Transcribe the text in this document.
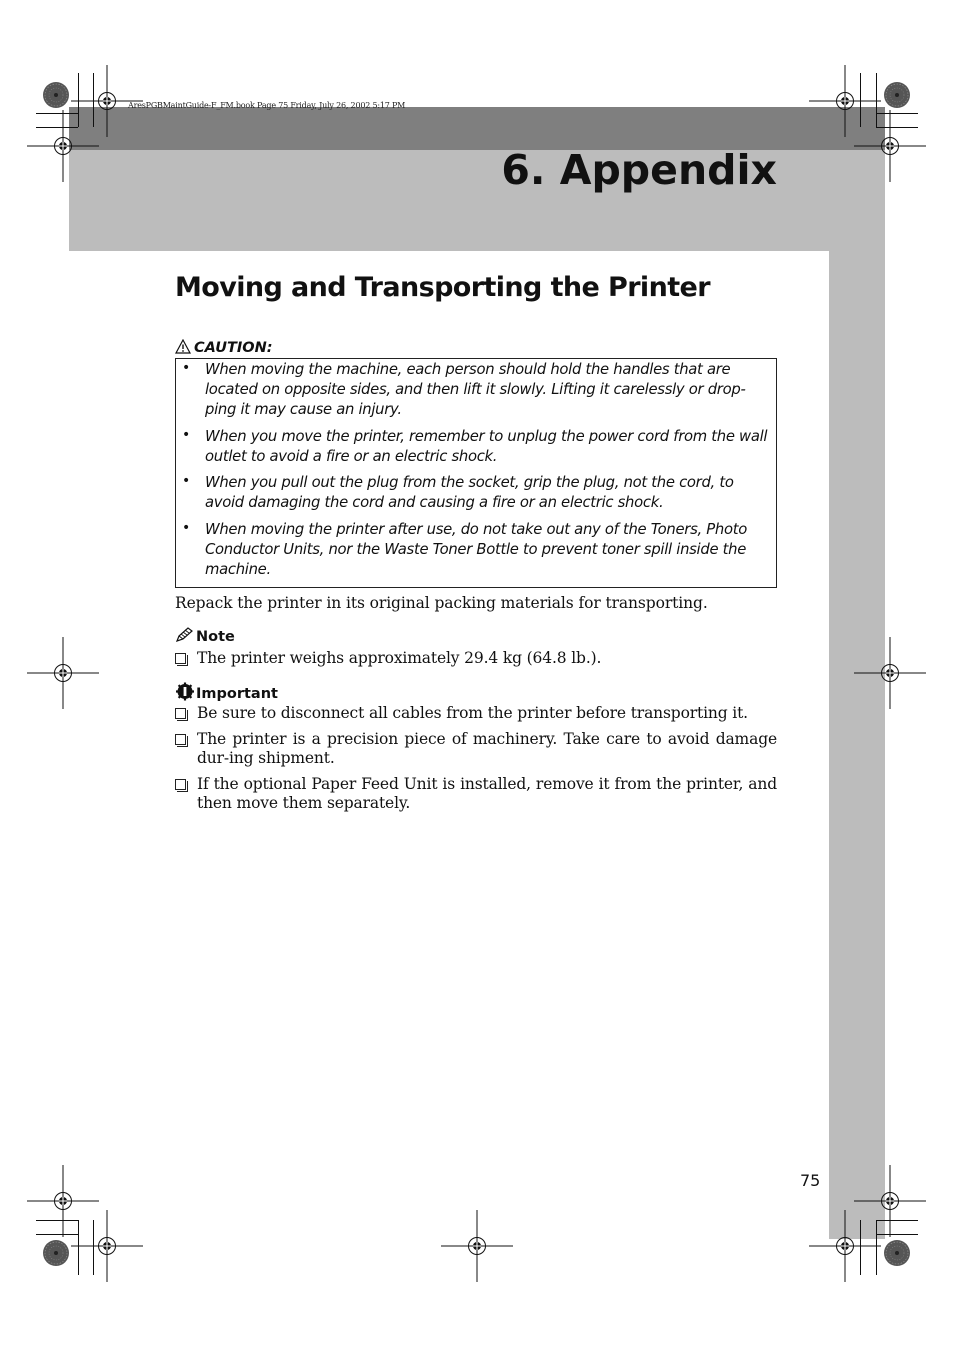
AresPGBMaintGuide-F_FM.book Page 75 Friday, July 26, 2002 5:17 PM
6. Appendix
Moving and Transporting the Printer
CAUTION:
• When moving the machine, each person should hold the handles that are located on opposite sides, and then lift it slowly. Lifting it carelessly or drop-ping it may cause an injury.
• When you move the printer, remember to unplug the power cord from the wall outlet to avoid a fire or an electric shock.
• When you pull out the plug from the socket, grip the plug, not the cord, to avoid damaging the cord and causing a fire or an electric shock.
• When moving the printer after use, do not take out any of the Toners, Photo Conductor Units, nor the Waste Toner Bottle to prevent toner spill inside the machine.
Repack the printer in its original packing materials for transporting.
Note
The printer weighs approximately 29.4 kg (64.8 lb.).
Important
Be sure to disconnect all cables from the printer before transporting it.
The printer is a precision piece of machinery. Take care to avoid damage dur-ing shipment.
If the optional Paper Feed Unit is installed, remove it from the printer, and then move them separately.
75
